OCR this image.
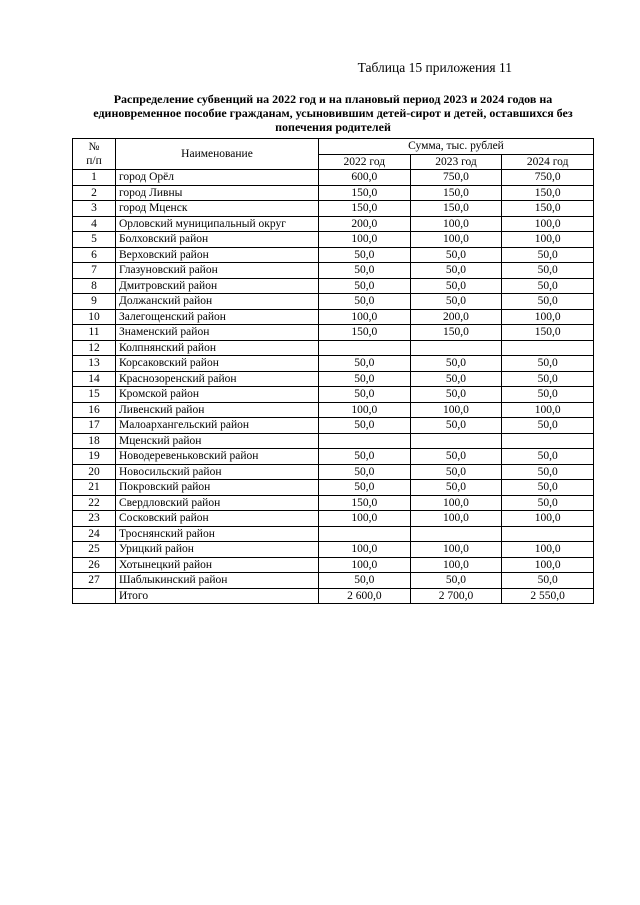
Таблица 15 приложения 11
Распределение субвенций на 2022 год и на плановый период 2023 и 2024 годов на
единовременное пособие гражданам, усыновившим детей-сирот и детей, оставшихся без
попечения родителей
№
п/п	Наименование	Сумма, тыс. рублей		
		2022 год	2023 год	2024 год
1	город Орёл	600,0	750,0	750,0
2	город Ливны	150,0	150,0	150,0
3	город Мценск	150,0	150,0	150,0
4	Орловский муниципальный округ	200,0	100,0	100,0
5	Болховский район	100,0	100,0	100,0
6	Верховский район	50,0	50,0	50,0
7	Глазуновский район	50,0	50,0	50,0
8	Дмитровский район	50,0	50,0	50,0
9	Должанский район	50,0	50,0	50,0
10	Залегощенский район	100,0	200,0	100,0
11	Знаменский район	150,0	150,0	150,0
12	Колпнянский район			
13	Корсаковский район	50,0	50,0	50,0
14	Краснозоренский район	50,0	50,0	50,0
15	Кромской район	50,0	50,0	50,0
16	Ливенский район	100,0	100,0	100,0
17	Малоархангельский район	50,0	50,0	50,0
18	Мценский район			
19	Новодеревеньковский район	50,0	50,0	50,0
20	Новосильский район	50,0	50,0	50,0
21	Покровский район	50,0	50,0	50,0
22	Свердловский район	150,0	100,0	50,0
23	Сосковский район	100,0	100,0	100,0
24	Троснянский район			
25	Урицкий район	100,0	100,0	100,0
26	Хотынецкий район	100,0	100,0	100,0
27	Шаблыкинский район	50,0	50,0	50,0
	Итого	2 600,0	2 700,0	2 550,0
